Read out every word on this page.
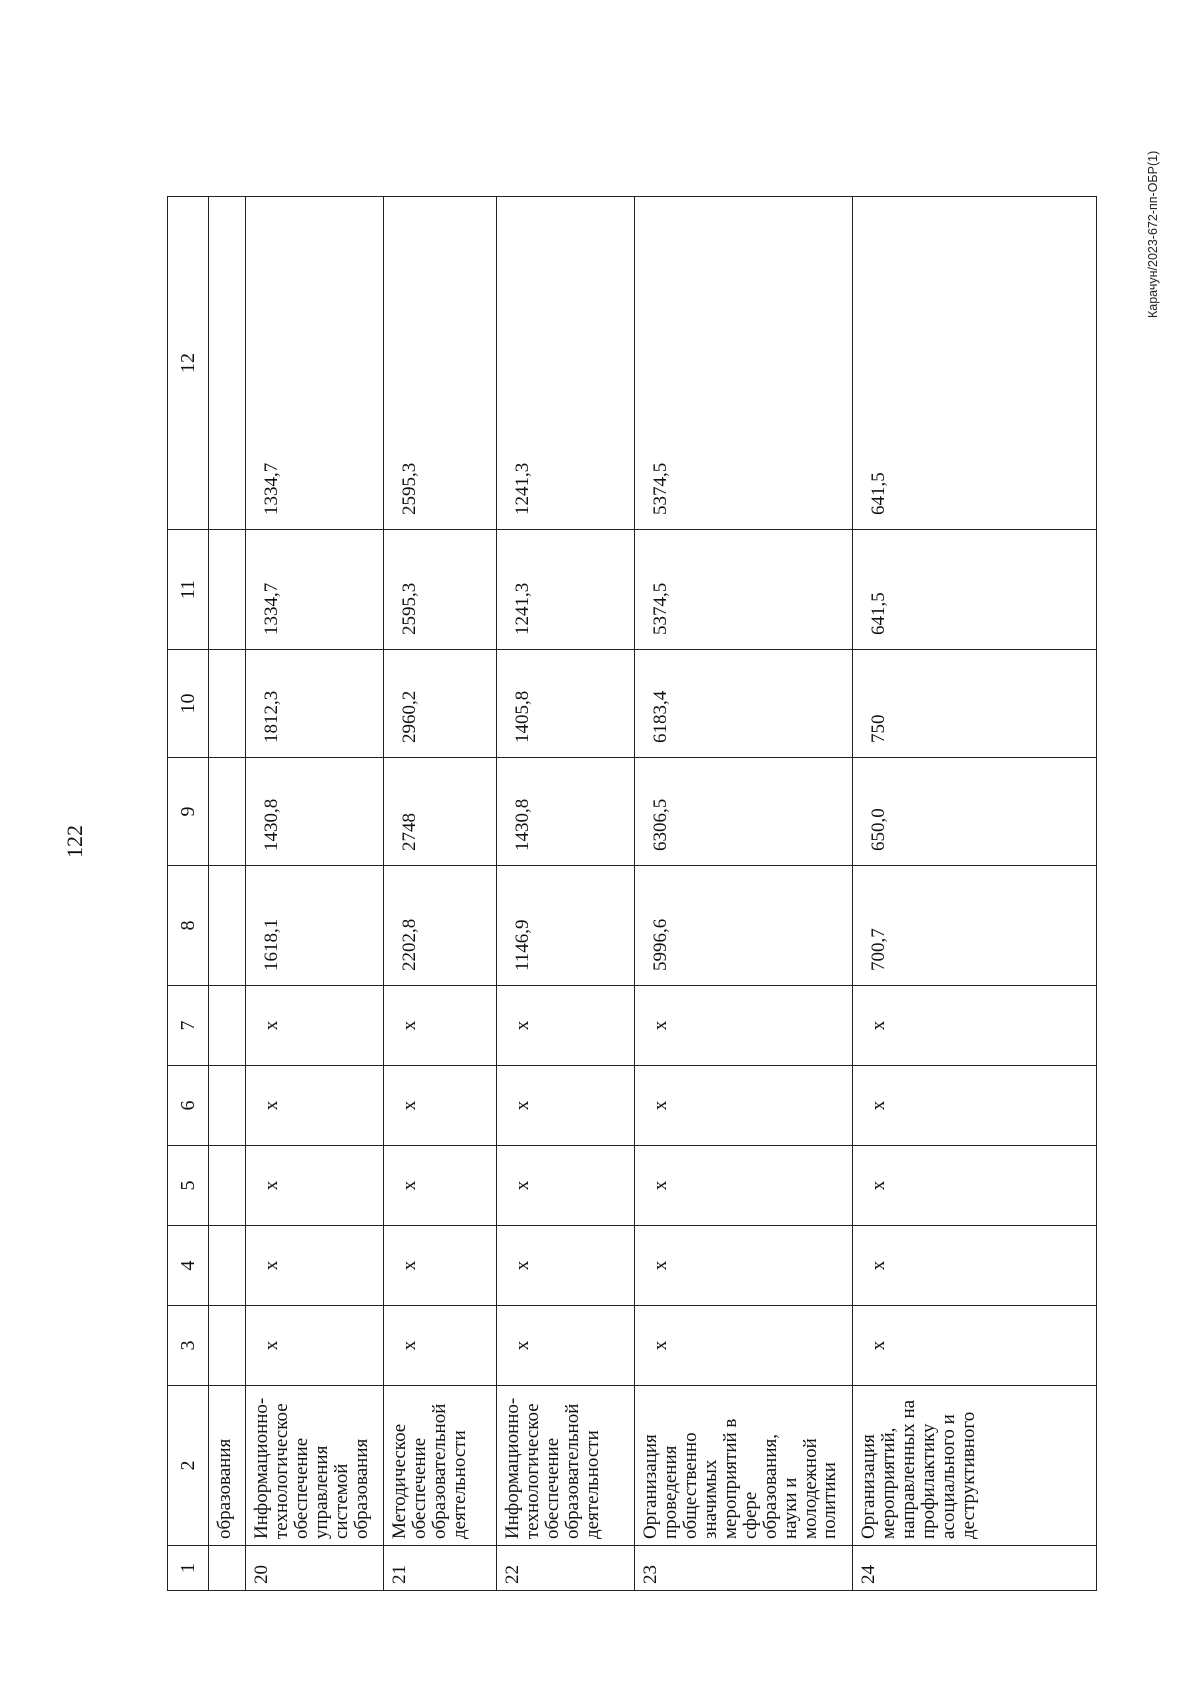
122
Карачун/2023-672-пп-ОБР(1)
1	2	3	4	5	6	7	8	9	10	11	12
	образования										
20	Информационно-технологическое обеспечение управления системой образования	х	х	х	х	х	1618,1	1430,8	1812,3	1334,7	1334,7
21	Методическое обеспечение образовательной деятельности	х	х	х	х	х	2202,8	2748	2960,2	2595,3	2595,3
22	Информационно-технологическое обеспечение образовательной деятельности	х	х	х	х	х	1146,9	1430,8	1405,8	1241,3	1241,3
23	Организация проведения общественно значимых мероприятий в сфере образования, науки и молодежной политики	х	х	х	х	х	5996,6	6306,5	6183,4	5374,5	5374,5
24	Организация мероприятий, направленных на профилактику асоциального и деструктивного	х	х	х	х	х	700,7	650,0	750	641,5	641,5
